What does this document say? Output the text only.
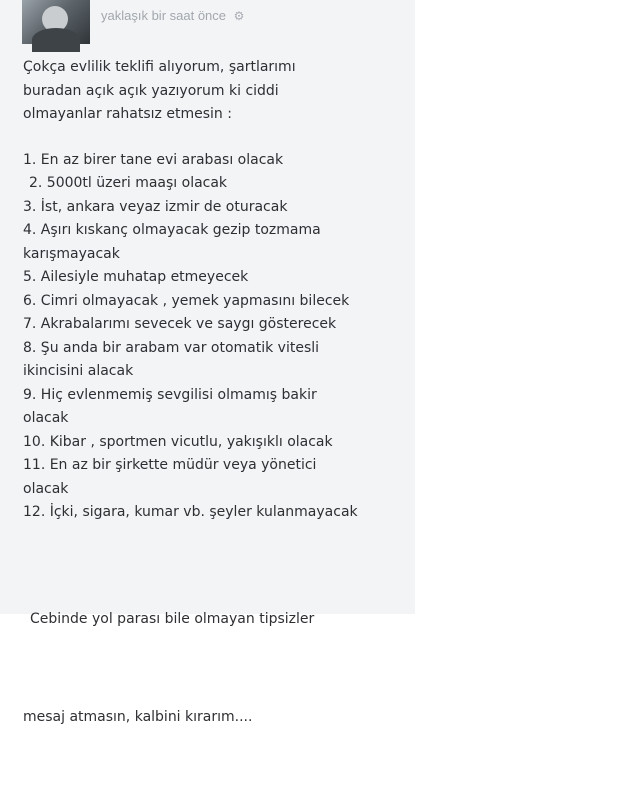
yaklaşık bir saat önce ⚙

Çokça evlilik teklifi alıyorum, şartlarımı
buradan açık açık yazıyorum ki ciddi
olmayanlar rahatsız etmesin :

1. En az birer tane evi arabası olacak

2. 5000tl üzeri maaşı olacak

3. İst, ankara veyaz izmir de oturacak

4. Aşırı kıskanç olmayacak gezip tozmama
karışmayacak

5. Ailesiyle muhatap etmeyecek

6. Cimri olmayacak , yemek yapmasını bilecek

7. Akrabalarımı sevecek ve saygı gösterecek

8. Şu anda bir arabam var otomatik vitesli
ikincisini alacak

9. Hiç evlenmemiş sevgilisi olmamış bakir
olacak

10. Kibar , sportmen vicutlu, yakışıklı olacak

11. En az bir şirkette müdür veya yönetici
olacak

12. İçki, sigara, kumar vb. şeyler kulanmayacak

Cebinde yol parası bile olmayan tipsizler

mesaj atmasın, kalbini kırarım....
